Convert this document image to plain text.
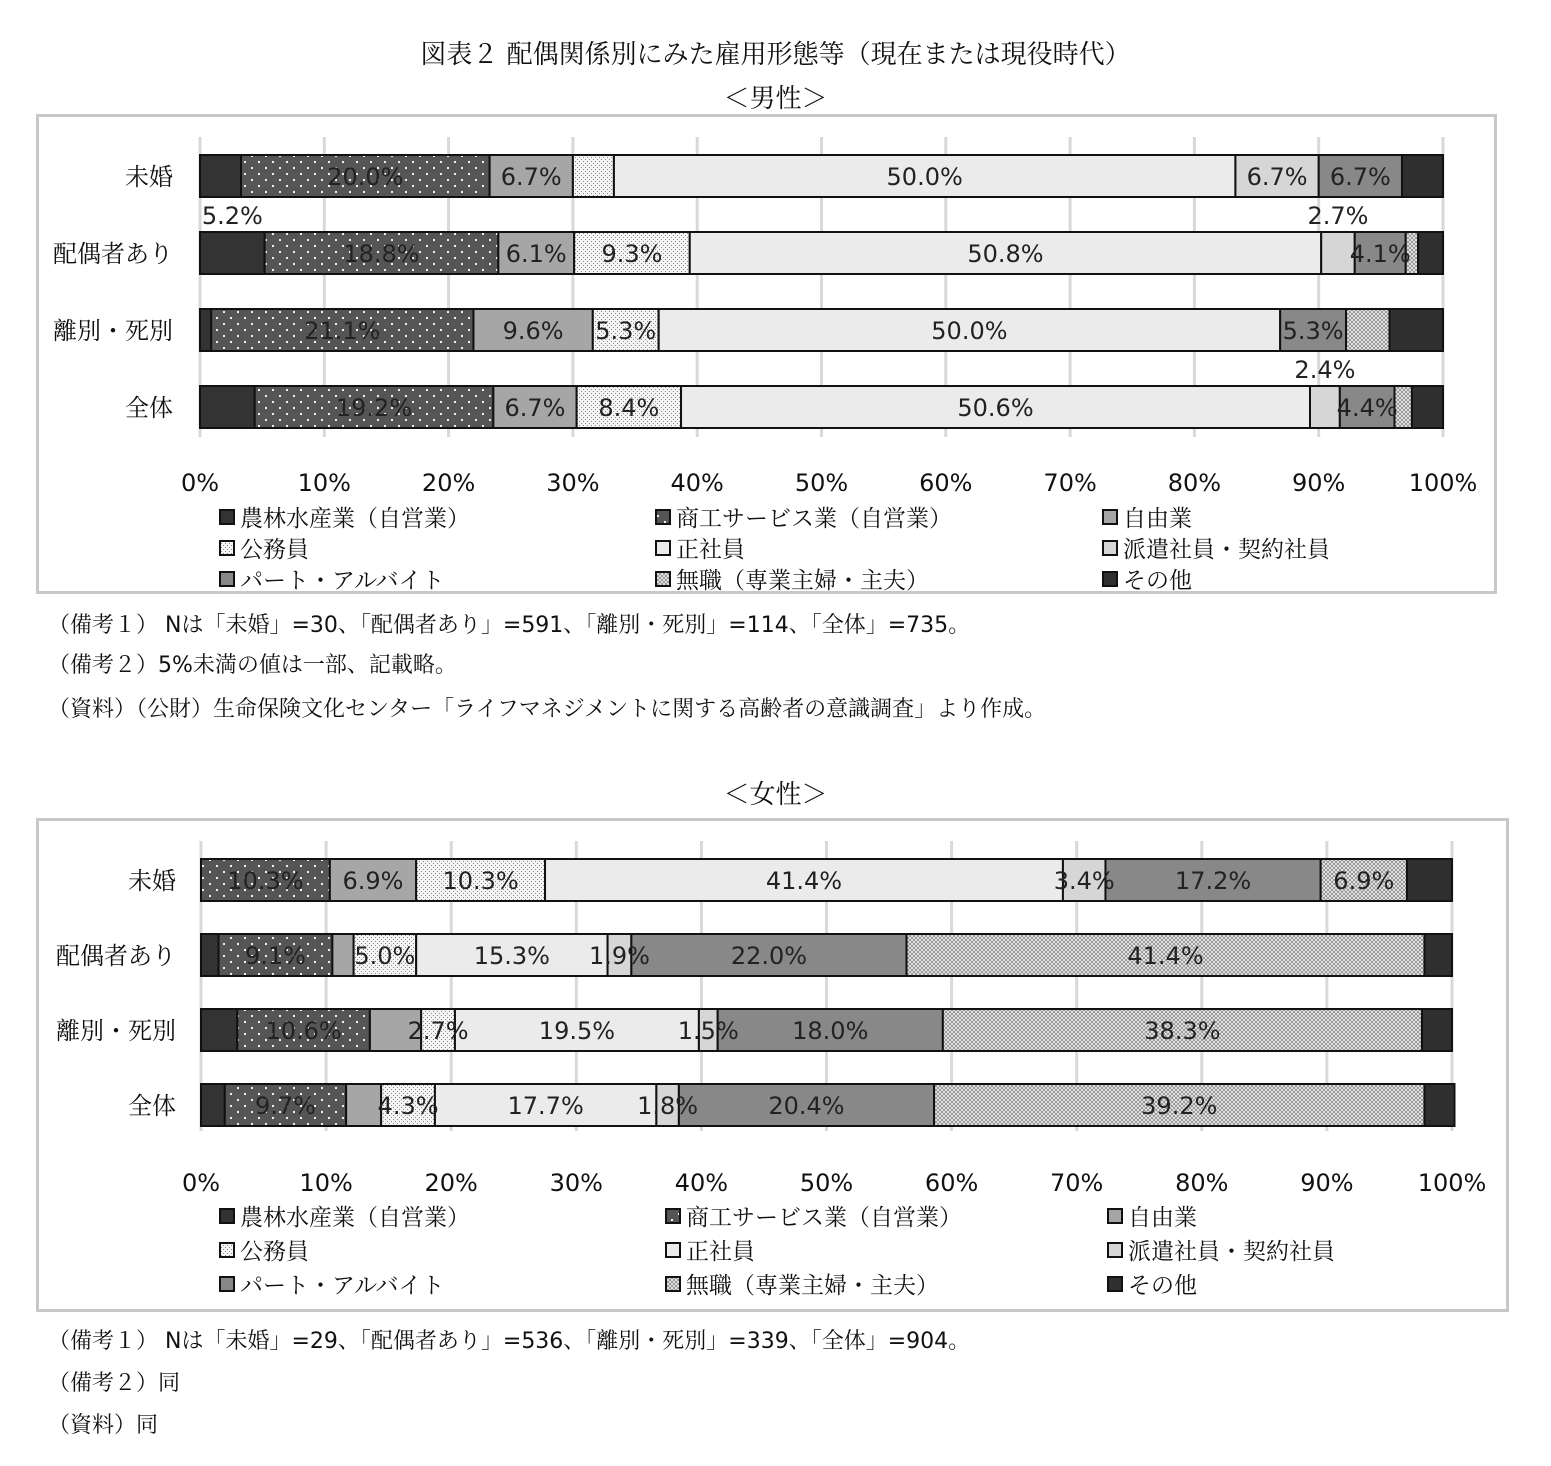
図表２ 配偶関係別にみた雇用形態等（現在または現役時代）
＜男性＞
0%	10%	20%	30%	40%	50%	60%	70%	80%	90%	100%
未婚	20.0%	6.7%	50.0%	6.7% 6.7%
配偶者あり	18.8%	6.1% 9.3%	50.8%	4.1%
5.2%	2.7%
離別・死別	21.1%	9.6% 5.3%	50.0%	5.3%
全体	19.2%	6.7% 8.4%	50.6%	4.4%
2.4%
農林水産業（自営業）	商工サービス業（自営業）	自由業
公務員	正社員	派遣社員・契約社員
パート・アルバイト	無職（専業主婦・主夫）	その他
（備考１） Nは「未婚」=30、「配偶者あり」=591、「離別・死別」=114、「全体」=735。
（備考２）5%未満の値は一部、記載略。
（資料）（公財）生命保険文化センター「ライフマネジメントに関する高齢者の意識調査」より作成。
＜女性＞
0%	10%	20%	30%	40%	50%	60%	70%	80%	90%	100%
未婚 10.3% 6.9% 10.3%	41.4%	3.4%	17.2%	6.9%
配偶者あり	9.1% 5.0% 15.3% 1.9%	22.0%	41.4%
離別・死別	10.6%	2.7%	19.5%	1.5% 18.0%	38.3%
全体	9.7%	4.3%	17.7% 1.8%	20.4%	39.2%
農林水産業（自営業）	商工サービス業（自営業）	自由業
公務員	正社員	派遣社員・契約社員
パート・アルバイト	無職（専業主婦・主夫）	その他
（備考１） Nは「未婚」=29、「配偶者あり」=536、「離別・死別」=339、「全体」=904。
（備考２）同
（資料）同
